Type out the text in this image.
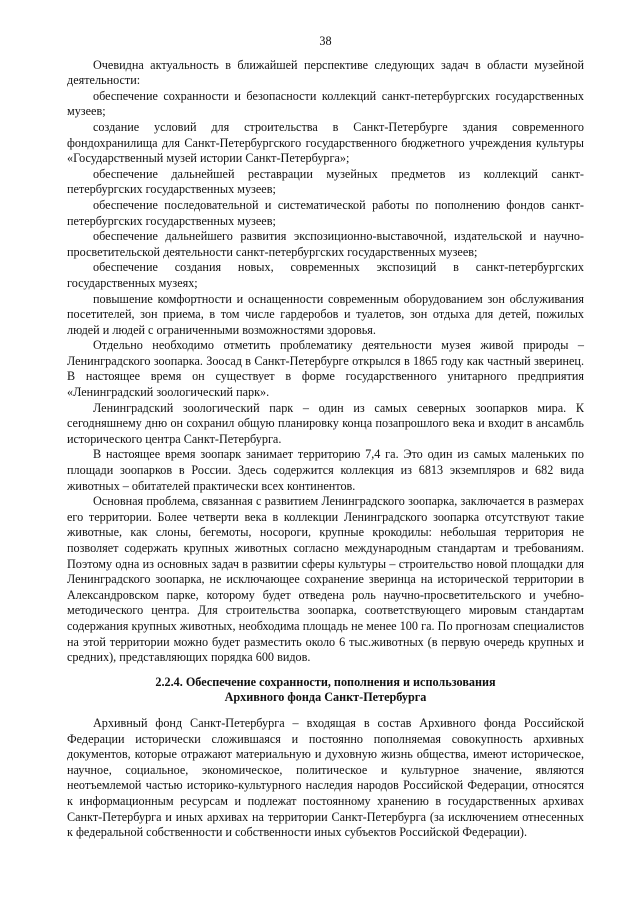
38

Очевидна актуальность в ближайшей перспективе следующих задач в области музейной деятельности:

обеспечение сохранности и безопасности коллекций санкт-петербургских государственных музеев;

создание условий для строительства в Санкт-Петербурге здания современного фондохранилища для Санкт-Петербургского государственного бюджетного учреждения культуры «Государственный музей истории Санкт-Петербурга»;

обеспечение дальнейшей реставрации музейных предметов из коллекций санкт-петербургских государственных музеев;

обеспечение последовательной и систематической работы по пополнению фондов санкт-петербургских государственных музеев;

обеспечение дальнейшего развития экспозиционно-выставочной, издательской и научно-просветительской деятельности санкт-петербургских государственных музеев;

обеспечение создания новых, современных экспозиций в санкт-петербургских государственных музеях;

повышение комфортности и оснащенности современным оборудованием зон обслуживания посетителей, зон приема, в том числе гардеробов и туалетов, зон отдыха для детей, пожилых людей и людей с ограниченными возможностями здоровья.

Отдельно необходимо отметить проблематику деятельности музея живой природы – Ленинградского зоопарка. Зоосад в Санкт-Петербурге открылся в 1865 году как частный зверинец. В настоящее время он существует в форме государственного унитарного предприятия «Ленинградский зоологический парк».

Ленинградский зоологический парк – один из самых северных зоопарков мира. К сегодняшнему дню он сохранил общую планировку конца позапрошлого века и входит в ансамбль исторического центра Санкт-Петербурга.

В настоящее время зоопарк занимает территорию 7,4 га. Это один из самых маленьких по площади зоопарков в России. Здесь содержится коллекция из 6813 экземпляров и 682 вида животных – обитателей практически всех континентов.

Основная проблема, связанная с развитием Ленинградского зоопарка, заключается в размерах его территории. Более четверти века в коллекции Ленинградского зоопарка отсутствуют такие животные, как слоны, бегемоты, носороги, крупные крокодилы: небольшая территория не позволяет содержать крупных животных согласно международным стандартам и требованиям. Поэтому одна из основных задач в развитии сферы культуры – строительство новой площадки для Ленинградского зоопарка, не исключающее сохранение зверинца на исторической территории в Александровском парке, которому будет отведена роль научно-просветительского и учебно-методического центра. Для строительства зоопарка, соответствующего мировым стандартам содержания крупных животных, необходима площадь не менее 100 га. По прогнозам специалистов на этой территории можно будет разместить около 6 тыс.животных (в первую очередь крупных и средних), представляющих порядка 600 видов.

2.2.4. Обеспечение сохранности, пополнения и использования
Архивного фонда Санкт-Петербурга

Архивный фонд Санкт-Петербурга – входящая в состав Архивного фонда Российской Федерации исторически сложившаяся и постоянно пополняемая совокупность архивных документов, которые отражают материальную и духовную жизнь общества, имеют историческое, научное, социальное, экономическое, политическое и культурное значение, являются неотъемлемой частью историко-культурного наследия народов Российской Федерации, относятся к информационным ресурсам и подлежат постоянному хранению в государственных архивах Санкт-Петербурга и иных архивах на территории Санкт-Петербурга (за исключением отнесенных к федеральной собственности и собственности иных субъектов Российской Федерации).
